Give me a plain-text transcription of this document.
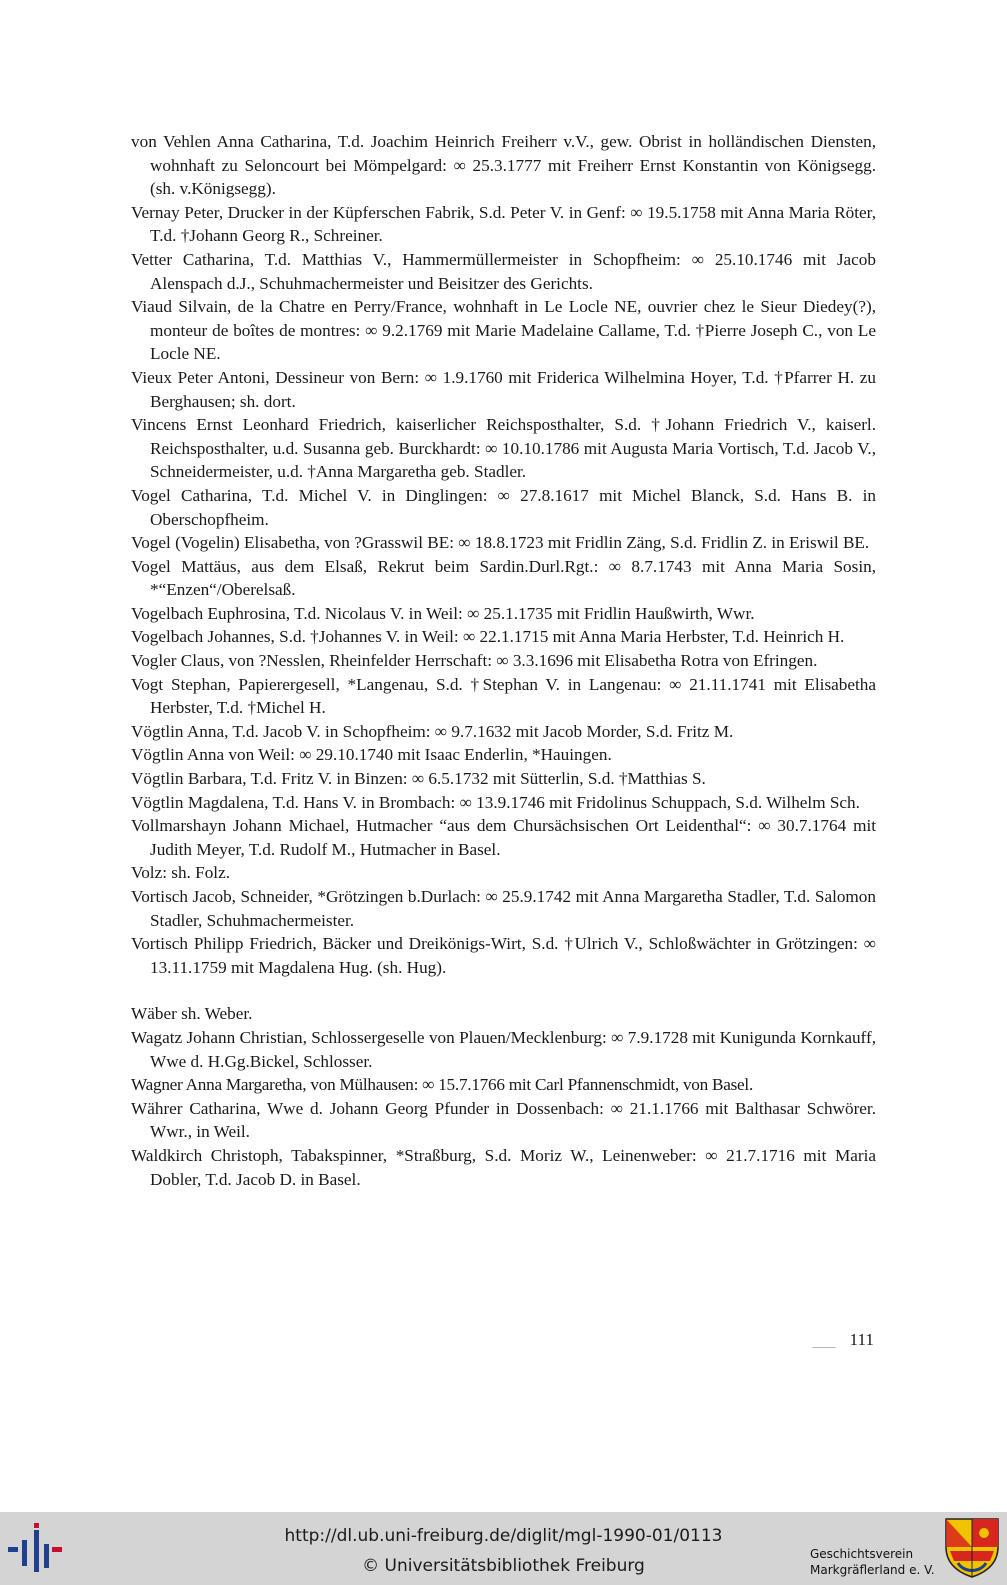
von Vehlen Anna Catharina, T.d. Joachim Heinrich Freiherr v.V., gew. Obrist in holländischen Diensten, wohnhaft zu Seloncourt bei Mömpelgard: ∞ 25.3.1777 mit Freiherr Ernst Konstantin von Königsegg. (sh. v.Königsegg).

Vernay Peter, Drucker in der Küpferschen Fabrik, S.d. Peter V. in Genf: ∞ 19.5.1758 mit Anna Maria Röter, T.d. †Johann Georg R., Schreiner.

Vetter Catharina, T.d. Matthias V., Hammermüllermeister in Schopfheim: ∞ 25.10.1746 mit Jacob Alenspach d.J., Schuhmachermeister und Beisitzer des Gerichts.

Viaud Silvain, de la Chatre en Perry/France, wohnhaft in Le Locle NE, ouvrier chez le Sieur Diedey(?), monteur de boîtes de montres: ∞ 9.2.1769 mit Marie Madelaine Callame, T.d. †Pierre Joseph C., von Le Locle NE.

Vieux Peter Antoni, Dessineur von Bern: ∞ 1.9.1760 mit Friderica Wilhelmina Hoyer, T.d. †Pfarrer H. zu Berghausen; sh. dort.

Vincens Ernst Leonhard Friedrich, kaiserlicher Reichsposthalter, S.d. †Johann Friedrich V., kaiserl. Reichsposthalter, u.d. Susanna geb. Burckhardt: ∞ 10.10.1786 mit Augusta Maria Vortisch, T.d. Jacob V., Schneidermeister, u.d. †Anna Margaretha geb. Stadler.

Vogel Catharina, T.d. Michel V. in Dinglingen: ∞ 27.8.1617 mit Michel Blanck, S.d. Hans B. in Oberschopfheim.

Vogel (Vogelin) Elisabetha, von ?Grasswil BE: ∞ 18.8.1723 mit Fridlin Zäng, S.d. Fridlin Z. in Eriswil BE.

Vogel Mattäus, aus dem Elsaß, Rekrut beim Sardin.Durl.Rgt.: ∞ 8.7.1743 mit Anna Maria Sosin, *“Enzen“/Oberelsaß.

Vogelbach Euphrosina, T.d. Nicolaus V. in Weil: ∞ 25.1.1735 mit Fridlin Haußwirth, Wwr.

Vogelbach Johannes, S.d. †Johannes V. in Weil: ∞ 22.1.1715 mit Anna Maria Herbster, T.d. Heinrich H.

Vogler Claus, von ?Nesslen, Rheinfelder Herrschaft: ∞ 3.3.1696 mit Elisabetha Rotra von Efringen.

Vogt Stephan, Papierergesell, *Langenau, S.d. †Stephan V. in Langenau: ∞ 21.11.1741 mit Elisabetha Herbster, T.d. †Michel H.

Vögtlin Anna, T.d. Jacob V. in Schopfheim: ∞ 9.7.1632 mit Jacob Morder, S.d. Fritz M.

Vögtlin Anna von Weil: ∞ 29.10.1740 mit Isaac Enderlin, *Hauingen.

Vögtlin Barbara, T.d. Fritz V. in Binzen: ∞ 6.5.1732 mit Sütterlin, S.d. †Matthias S.

Vögtlin Magdalena, T.d. Hans V. in Brombach: ∞ 13.9.1746 mit Fridolinus Schuppach, S.d. Wilhelm Sch.

Vollmarshayn Johann Michael, Hutmacher “aus dem Chursächsischen Ort Leidenthal“: ∞ 30.7.1764 mit Judith Meyer, T.d. Rudolf M., Hutmacher in Basel.

Volz: sh. Folz.

Vortisch Jacob, Schneider, *Grötzingen b.Durlach: ∞ 25.9.1742 mit Anna Margaretha Stadler, T.d. Salomon Stadler, Schuhmachermeister.

Vortisch Philipp Friedrich, Bäcker und Dreikönigs-Wirt, S.d. †Ulrich V., Schloßwächter in Grötzingen: ∞ 13.11.1759 mit Magdalena Hug. (sh. Hug).

Wäber sh. Weber.

Wagatz Johann Christian, Schlossergeselle von Plauen/Mecklenburg: ∞ 7.9.1728 mit Kunigunda Kornkauff, Wwe d. H.Gg.Bickel, Schlosser.

Wagner Anna Margaretha, von Mülhausen: ∞ 15.7.1766 mit Carl Pfannenschmidt, von Basel.

Währer Catharina, Wwe d. Johann Georg Pfunder in Dossenbach: ∞ 21.1.1766 mit Balthasar Schwörer. Wwr., in Weil.

Waldkirch Christoph, Tabakspinner, *Straßburg, S.d. Moriz W., Leinenweber: ∞ 21.7.1716 mit Maria Dobler, T.d. Jacob D. in Basel.

111
http://dl.ub.uni-freiburg.de/diglit/mgl-1990-01/0113
© Universitätsbibliothek Freiburg
Geschichtsverein
Markgräflerland e. V.
